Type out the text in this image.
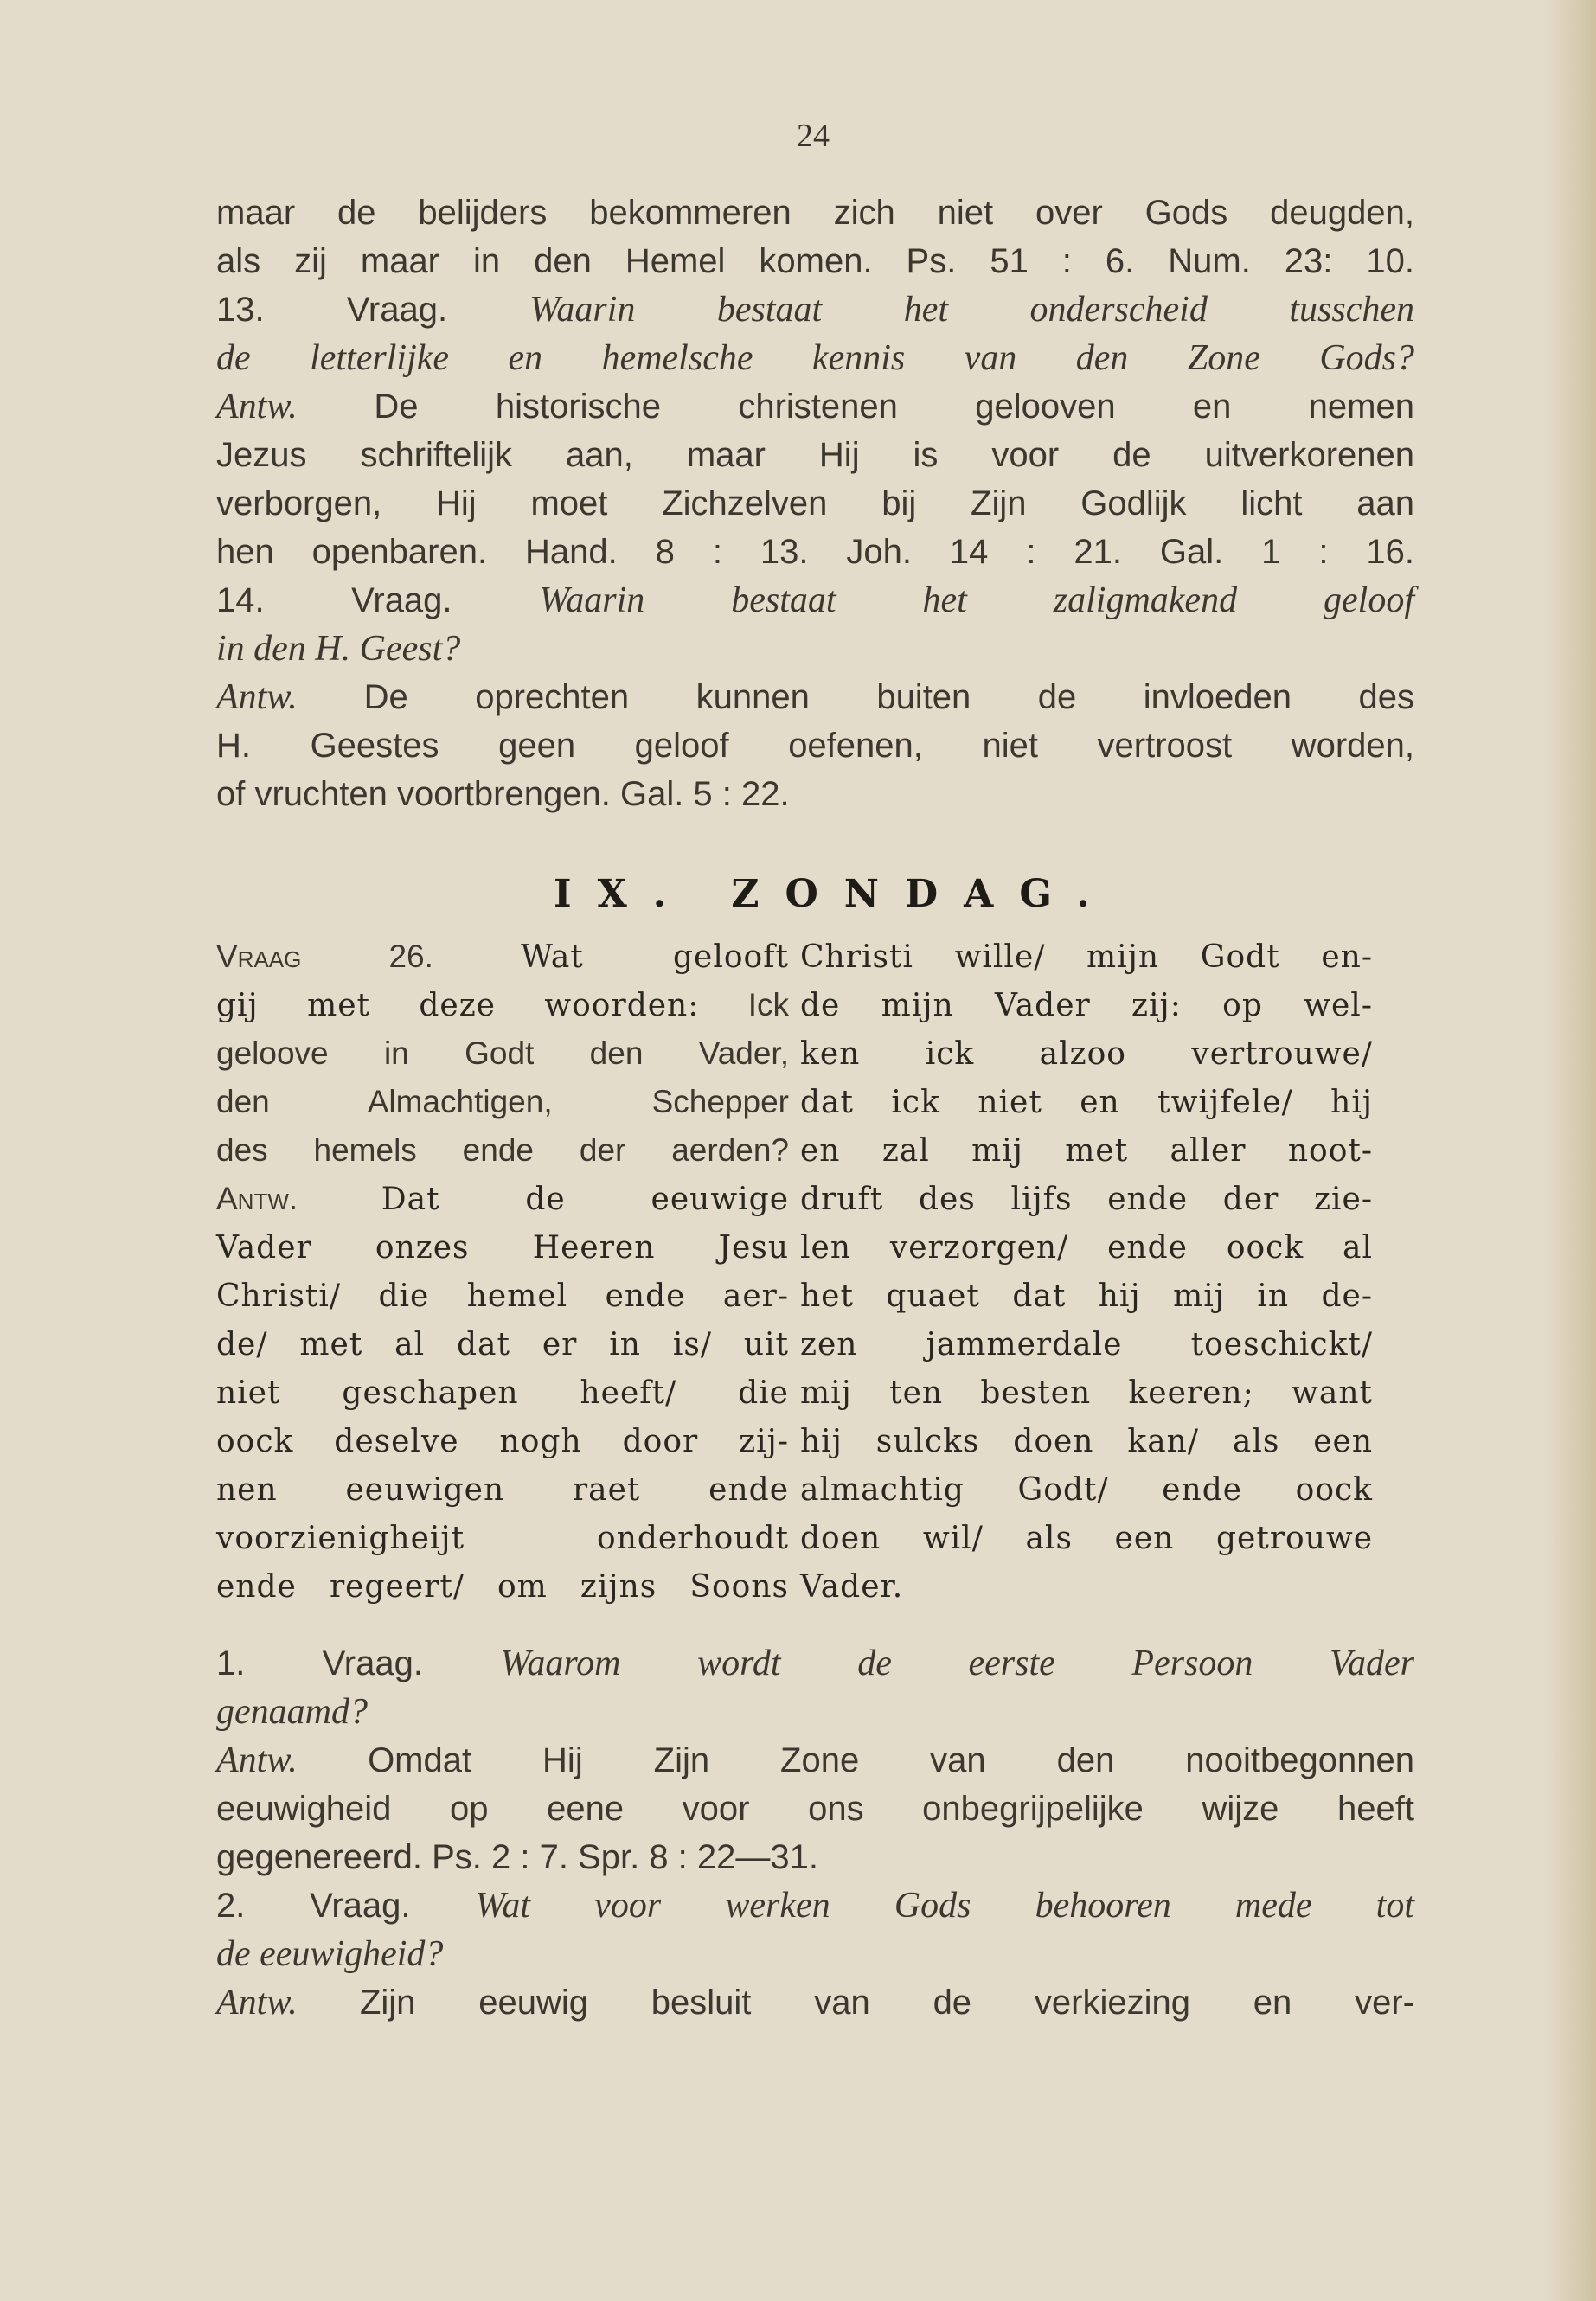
24
maar de belijders bekommeren zich niet over Gods deugden,
als zij maar in den Hemel komen. Ps. 51 : 6. Num. 23: 10.
13. Vraag. Waarin bestaat het onderscheid tusschen
de letterlijke en hemelsche kennis van den Zone Gods?
Antw. De historische christenen gelooven en nemen
Jezus schriftelijk aan, maar Hij is voor de uitverkorenen
verborgen, Hij moet Zichzelven bij Zijn Godlijk licht aan
hen openbaren. Hand. 8 : 13. Joh. 14 : 21. Gal. 1 : 16.
14. Vraag. Waarin bestaat het zaligmakend geloof
in den H. Geest?
Antw. De oprechten kunnen buiten de invloeden des
H. Geestes geen geloof oefenen, niet vertroost worden,
of vruchten voortbrengen. Gal. 5 : 22.
IX. ZONDAG.
Vraag 26. Wat gelooft
gij met deze woorden: Ick
geloove in Godt den Vader,
den Almachtigen, Schepper
des hemels ende der aerden?
Antw. Dat de eeuwige
Vader onzes Heeren Jesu
Christi/ die hemel ende aer-
de/ met al dat er in is/ uit
niet geschapen heeft/ die
oock deselve nogh door zij-
nen eeuwigen raet ende
voorzienigheijt onderhoudt
ende regeert/ om zijns Soons
Christi wille/ mijn Godt en-
de mijn Vader zij: op wel-
ken ick alzoo vertrouwe/
dat ick niet en twijfele/ hij
en zal mij met aller noot-
druft des lijfs ende der zie-
len verzorgen/ ende oock al
het quaet dat hij mij in de-
zen jammerdale toeschickt/
mij ten besten keeren; want
hij sulcks doen kan/ als een
almachtig Godt/ ende oock
doen wil/ als een getrouwe
Vader.
1. Vraag. Waarom wordt de eerste Persoon Vader
genaamd?
Antw. Omdat Hij Zijn Zone van den nooitbegonnen
eeuwigheid op eene voor ons onbegrijpelijke wijze heeft
gegenereerd. Ps. 2 : 7. Spr. 8 : 22—31.
2. Vraag. Wat voor werken Gods behooren mede tot
de eeuwigheid?
Antw. Zijn eeuwig besluit van de verkiezing en ver-
